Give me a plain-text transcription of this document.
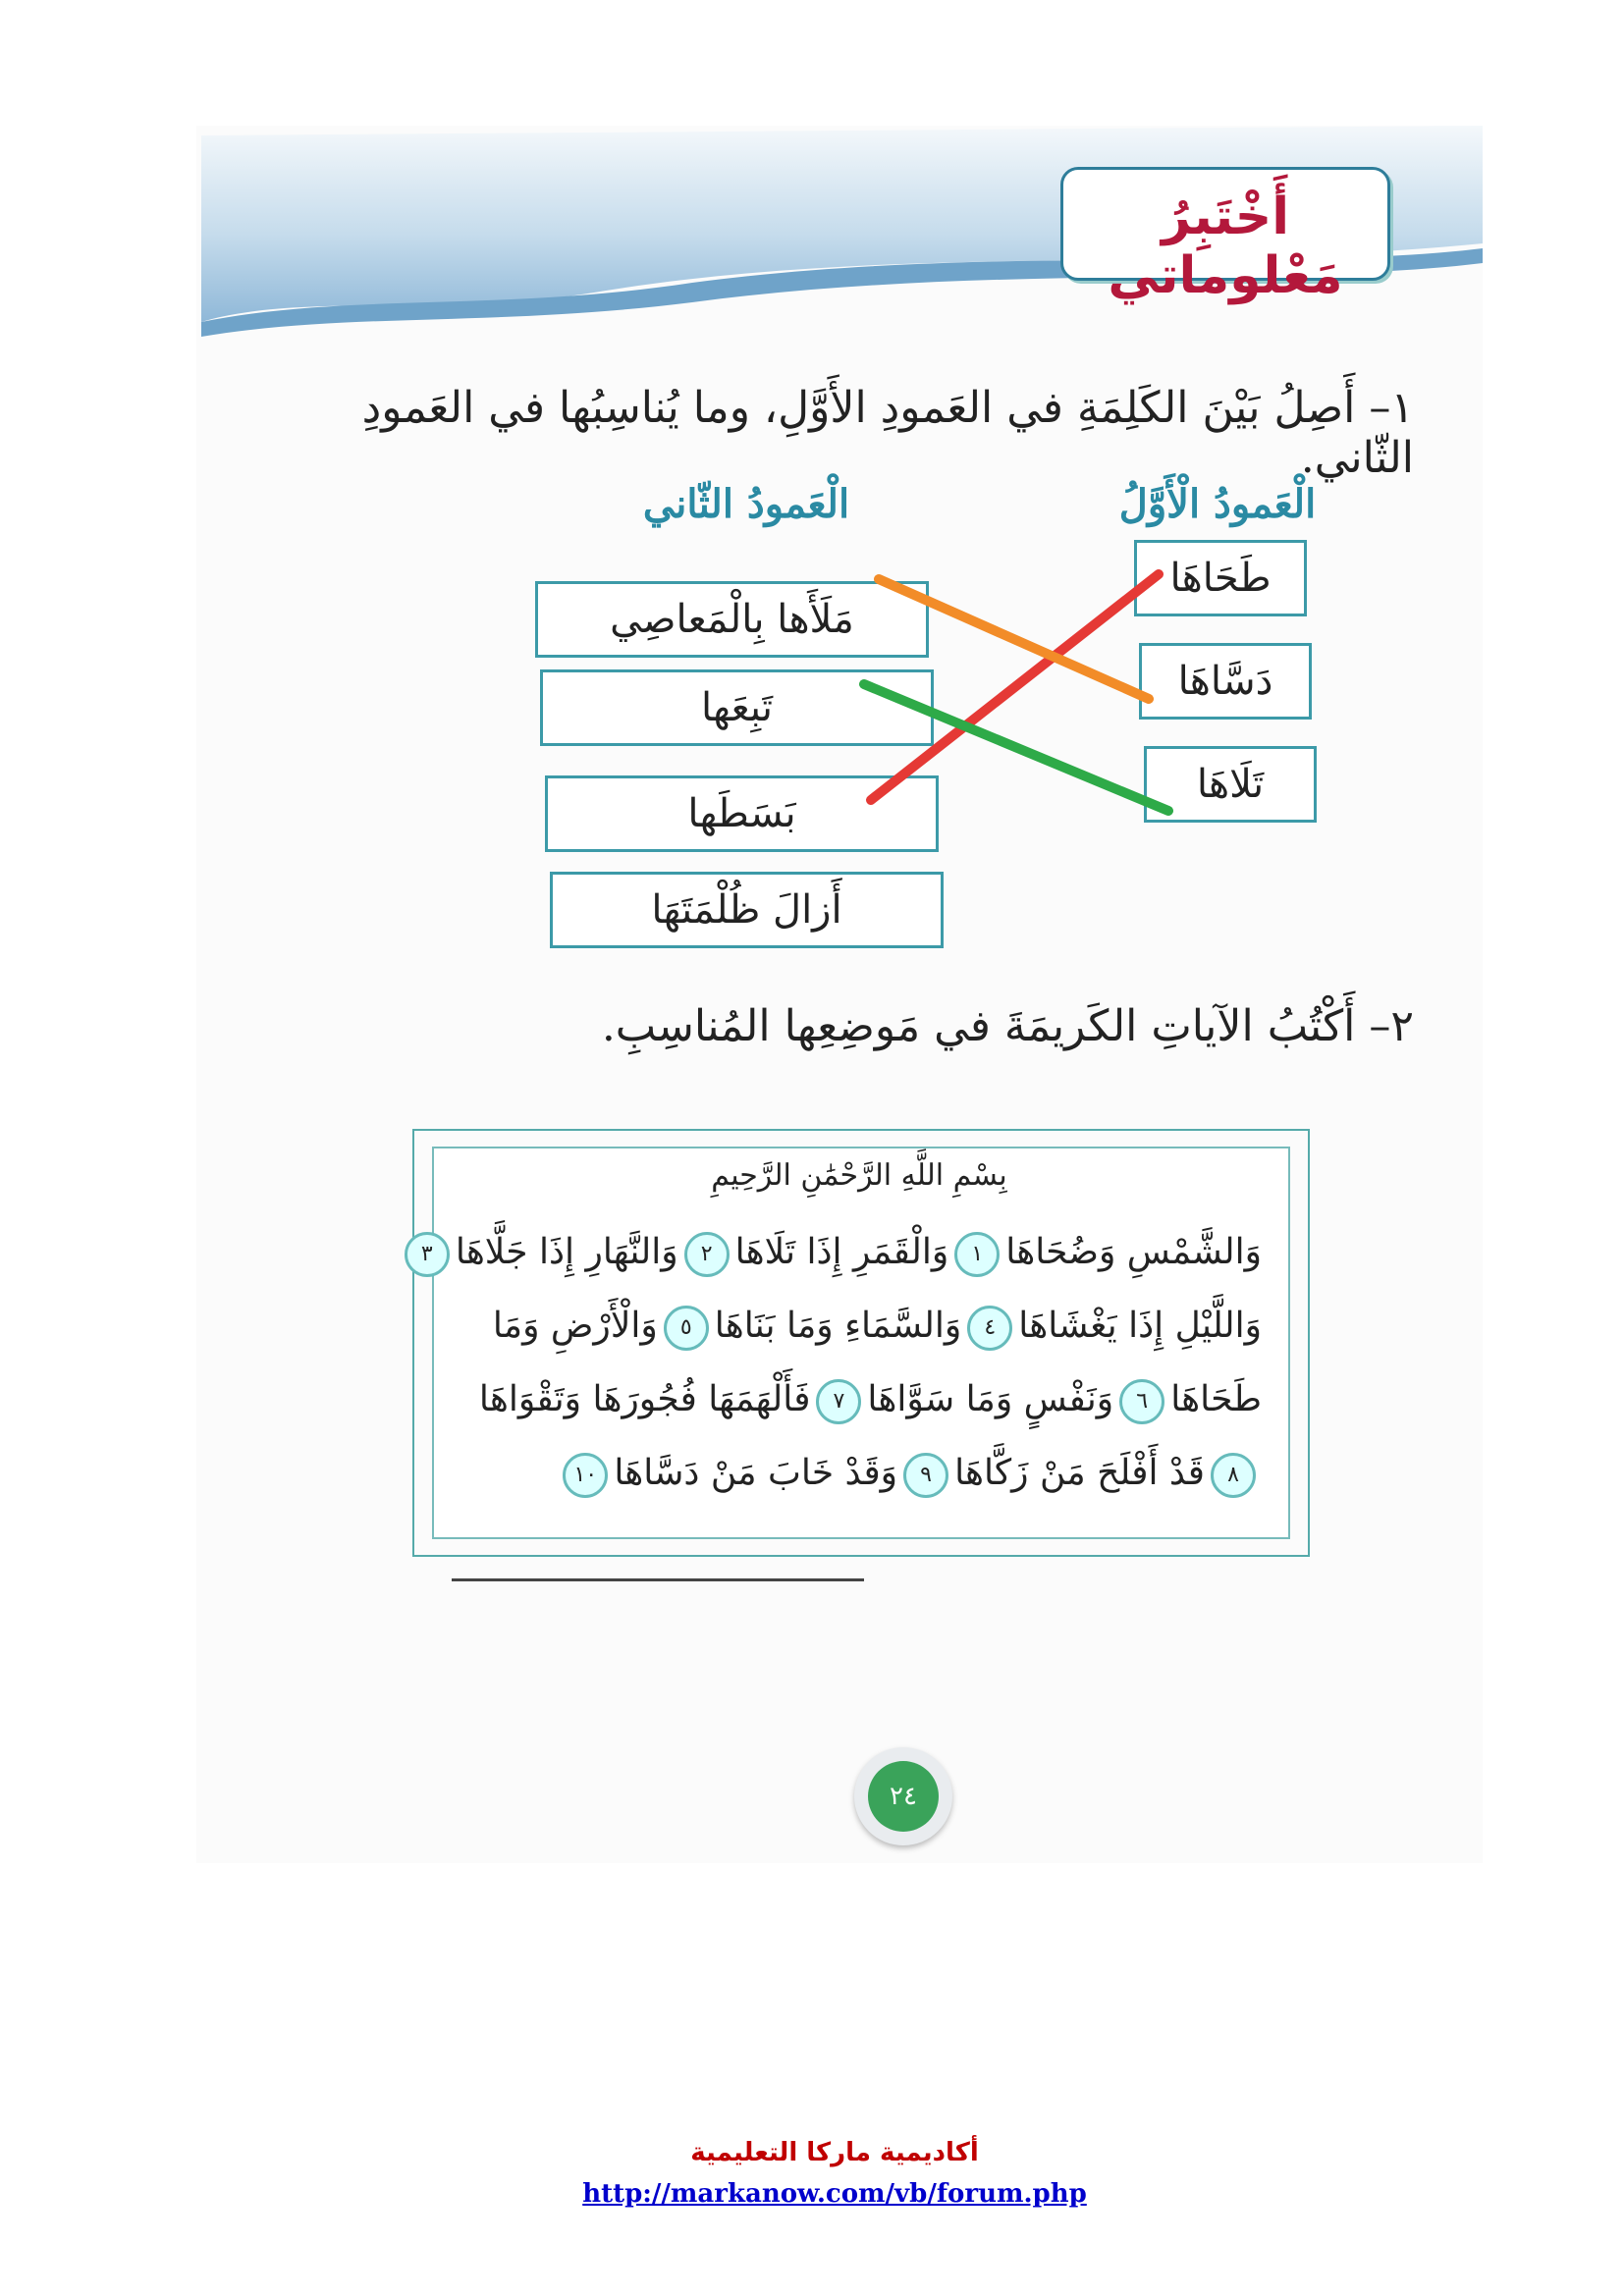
أَخْتَبِرُ مَعْلوماتي
١– أَصِلُ بَيْنَ الكَلِمَةِ في العَمودِ الأَوَّلِ، وما يُناسِبُها في العَمودِ الثّاني.
الْعَمودُ الْأَوَّلُ
الْعَمودُ الثّاني
طَحَاهَا
دَسَّاهَا
تَلَاهَا
مَلَأَها بِالْمَعاصِي
تَبِعَها
بَسَطَها
أَزالَ ظُلْمَتَهَا
٢– أَكْتُبُ الآياتِ الكَريمَةَ في مَوضِعِها المُناسِبِ.
بِسْمِ اللَّهِ الرَّحْمَٰنِ الرَّحِيمِ
وَالشَّمْسِ وَضُحَاهَا١وَالْقَمَرِ إِذَا تَلَاهَا٢وَالنَّهَارِ إِذَا جَلَّاهَا٣
وَاللَّيْلِ إِذَا يَغْشَاهَا٤وَالسَّمَاءِ وَمَا بَنَاهَا٥وَالْأَرْضِ وَمَا
طَحَاهَا٦وَنَفْسٍ وَمَا سَوَّاهَا٧فَأَلْهَمَهَا فُجُورَهَا وَتَقْوَاهَا
٨قَدْ أَفْلَحَ مَنْ زَكَّاهَا٩وَقَدْ خَابَ مَنْ دَسَّاهَا١٠
٢٤
أكاديمية ماركا التعليمية
http://markanow.com/vb/forum.php
